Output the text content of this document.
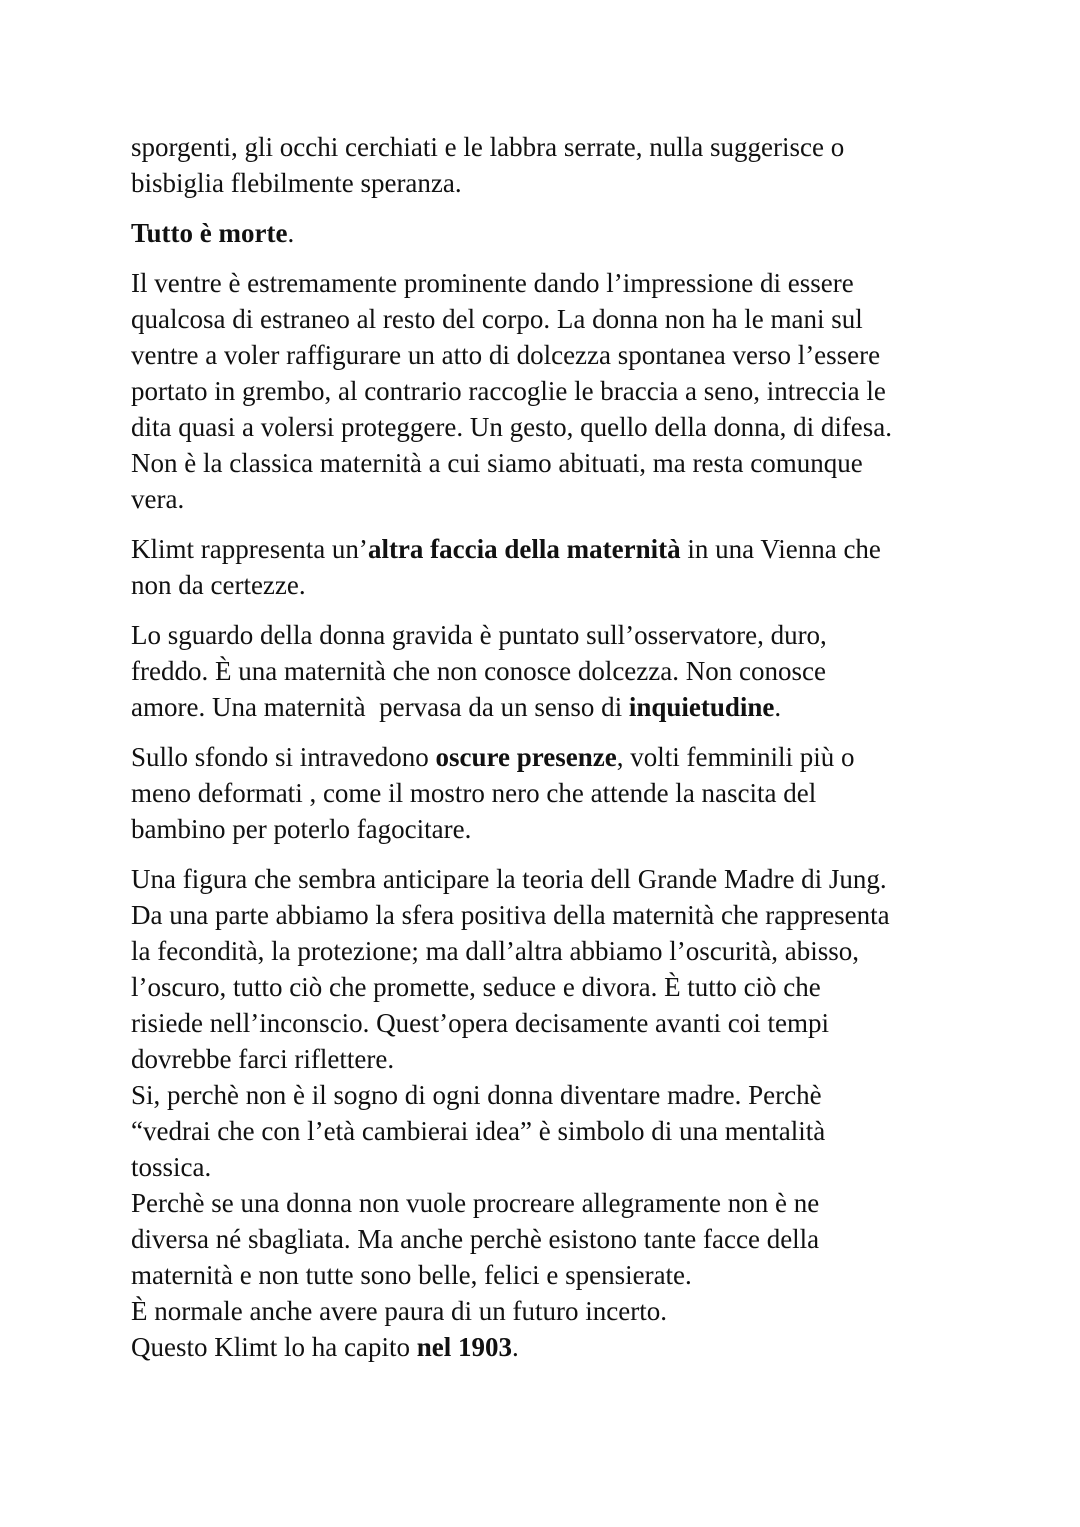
sporgenti, gli occhi cerchiati e le labbra serrate, nulla suggerisce o
bisbiglia flebilmente speranza.

Tutto è morte.

Il ventre è estremamente prominente dando l’impressione di essere
qualcosa di estraneo al resto del corpo. La donna non ha le mani sul
ventre a voler raffigurare un atto di dolcezza spontanea verso l’essere
portato in grembo, al contrario raccoglie le braccia a seno, intreccia le
dita quasi a volersi proteggere. Un gesto, quello della donna, di difesa.
Non è la classica maternità a cui siamo abituati, ma resta comunque
vera.

Klimt rappresenta un’altra faccia della maternità in una Vienna che
non da certezze.

Lo sguardo della donna gravida è puntato sull’osservatore, duro,
freddo. È una maternità che non conosce dolcezza. Non conosce
amore. Una maternità  pervasa da un senso di inquietudine.

Sullo sfondo si intravedono oscure presenze, volti femminili più o
meno deformati , come il mostro nero che attende la nascita del
bambino per poterlo fagocitare.

Una figura che sembra anticipare la teoria dell Grande Madre di Jung.
Da una parte abbiamo la sfera positiva della maternità che rappresenta
la fecondità, la protezione; ma dall’altra abbiamo l’oscurità, abisso,
l’oscuro, tutto ciò che promette, seduce e divora. È tutto ciò che
risiede nell’inconscio. Quest’opera decisamente avanti coi tempi
dovrebbe farci riflettere.
Si, perchè non è il sogno di ogni donna diventare madre. Perchè
“vedrai che con l’età cambierai idea” è simbolo di una mentalità
tossica.
Perchè se una donna non vuole procreare allegramente non è ne
diversa né sbagliata. Ma anche perchè esistono tante facce della
maternità e non tutte sono belle, felici e spensierate.
È normale anche avere paura di un futuro incerto.
Questo Klimt lo ha capito nel 1903.
